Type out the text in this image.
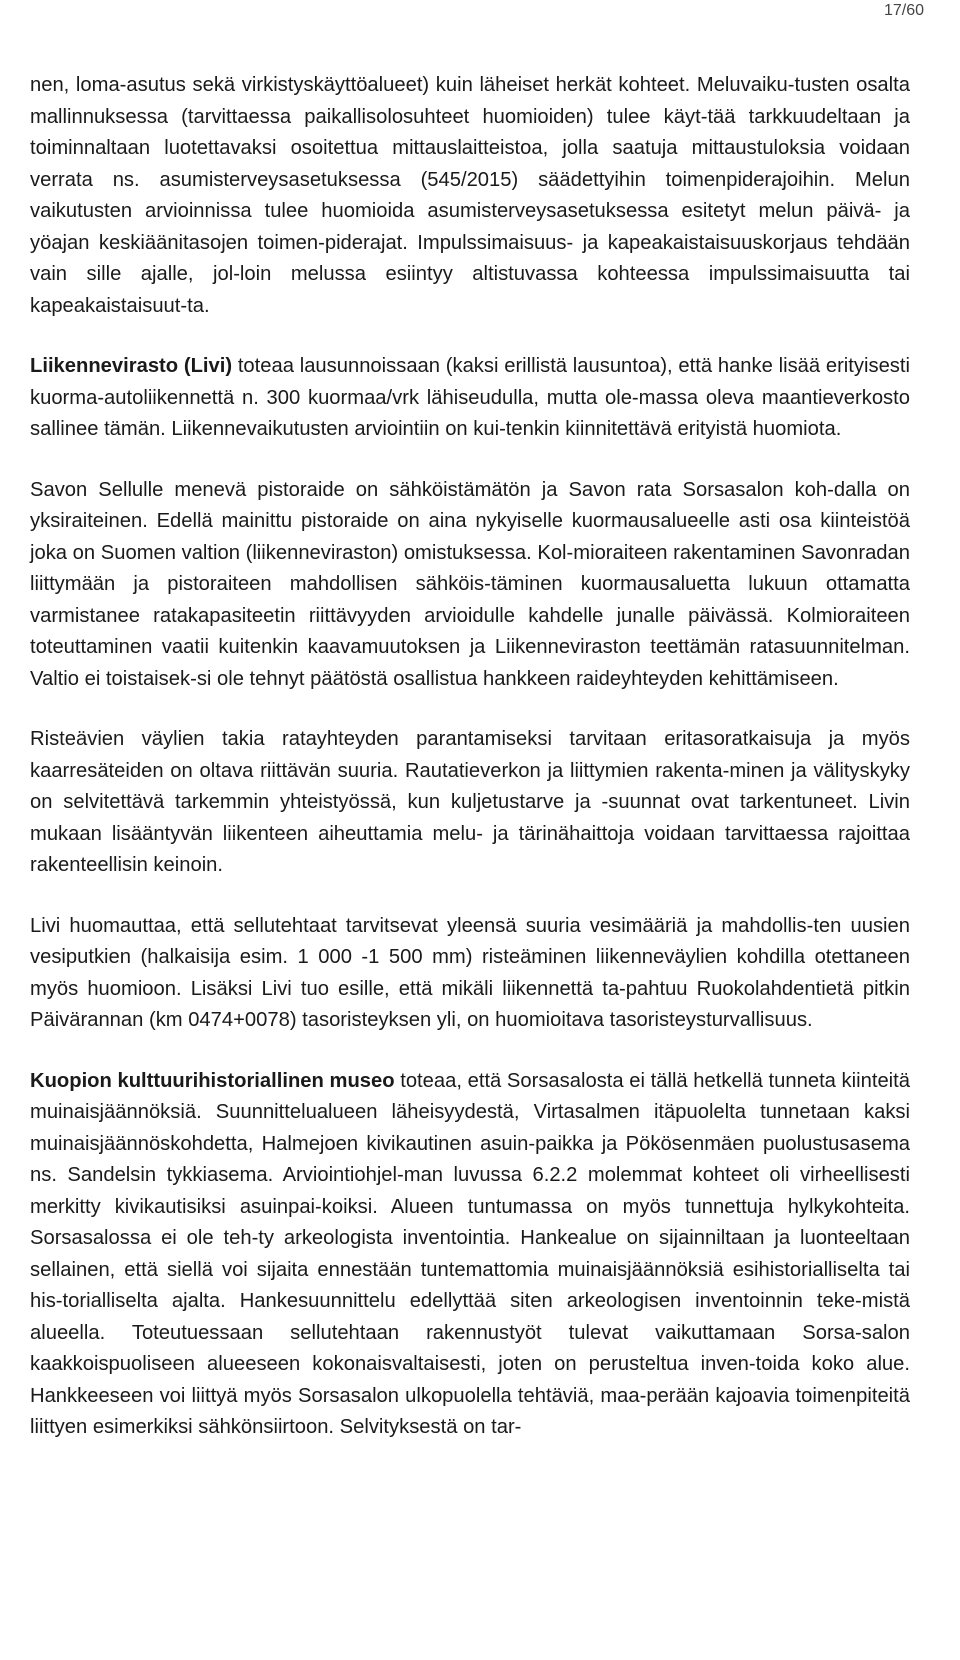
17/60

nen, loma-asutus sekä virkistyskäyttöalueet) kuin läheiset herkät kohteet. Meluvaiku-tusten osalta mallinnuksessa (tarvittaessa paikallisolosuhteet huomioiden) tulee käyt-tää tarkkuudeltaan ja toiminnaltaan luotettavaksi osoitettua mittauslaitteistoa, jolla saatuja mittaustuloksia voidaan verrata ns. asumisterveysasetuksessa (545/2015) säädettyihin toimenpiderajoihin. Melun vaikutusten arvioinnissa tulee huomioida asumisterveysasetuksessa esitetyt melun päivä- ja yöajan keskiäänitasojen toimen-piderajat. Impulssimaisuus- ja kapeakaistaisuuskorjaus tehdään vain sille ajalle, jol-loin melussa esiintyy altistuvassa kohteessa impulssimaisuutta tai kapeakaistaisuut-ta.

Liikennevirasto (Livi) toteaa lausunnoissaan (kaksi erillistä lausuntoa), että hanke lisää erityisesti kuorma-autoliikennettä n. 300 kuormaa/vrk lähiseudulla, mutta ole-massa oleva maantieverkosto sallinee tämän. Liikennevaikutusten arviointiin on kui-tenkin kiinnitettävä erityistä huomiota.

Savon Sellulle menevä pistoraide on sähköistämätön ja Savon rata Sorsasalon koh-dalla on yksiraiteinen. Edellä mainittu pistoraide on aina nykyiselle kuormausalueelle asti osa kiinteistöä joka on Suomen valtion (liikenneviraston) omistuksessa. Kol-mioraiteen rakentaminen Savonradan liittymään ja pistoraiteen mahdollisen sähköis-täminen kuormausaluetta lukuun ottamatta varmistanee ratakapasiteetin riittävyyden arvioidulle kahdelle junalle päivässä. Kolmioraiteen toteuttaminen vaatii kuitenkin kaavamuutoksen ja Liikenneviraston teettämän ratasuunnitelman. Valtio ei toistaisek-si ole tehnyt päätöstä osallistua hankkeen raideyhteyden kehittämiseen.

Risteävien väylien takia ratayhteyden parantamiseksi tarvitaan eritasoratkaisuja ja myös kaarresäteiden on oltava riittävän suuria. Rautatieverkon ja liittymien rakenta-minen ja välityskyky on selvitettävä tarkemmin yhteistyössä, kun kuljetustarve ja -suunnat ovat tarkentuneet. Livin mukaan lisääntyvän liikenteen aiheuttamia melu- ja tärinähaittoja voidaan tarvittaessa rajoittaa rakenteellisin keinoin.

Livi huomauttaa, että sellutehtaat tarvitsevat yleensä suuria vesimääriä ja mahdollis-ten uusien vesiputkien (halkaisija esim. 1 000 -1 500 mm) risteäminen liikenneväylien kohdilla otettaneen myös huomioon. Lisäksi Livi tuo esille, että mikäli liikennettä ta-pahtuu Ruokolahdentietä pitkin Päivärannan (km 0474+0078) tasoristeyksen yli, on huomioitava tasoristeysturvallisuus.

Kuopion kulttuurihistoriallinen museo toteaa, että Sorsasalosta ei tällä hetkellä tunneta kiinteitä muinaisjäännöksiä. Suunnittelualueen läheisyydestä, Virtasalmen itäpuolelta tunnetaan kaksi muinaisjäännöskohdetta, Halmejoen kivikautinen asuin-paikka ja Pökösenmäen puolustusasema ns. Sandelsin tykkiasema. Arviointiohjel-man luvussa 6.2.2 molemmat kohteet oli virheellisesti merkitty kivikautisiksi asuinpai-koiksi. Alueen tuntumassa on myös tunnettuja hylkykohteita. Sorsasalossa ei ole teh-ty arkeologista inventointia. Hankealue on sijainniltaan ja luonteeltaan sellainen, että siellä voi sijaita ennestään tuntemattomia muinaisjäännöksiä esihistorialliselta tai his-torialliselta ajalta. Hankesuunnittelu edellyttää siten arkeologisen inventoinnin teke-mistä alueella. Toteutuessaan sellutehtaan rakennustyöt tulevat vaikuttamaan Sorsa-salon kaakkoispuoliseen alueeseen kokonaisvaltaisesti, joten on perusteltua inven-toida koko alue. Hankkeeseen voi liittyä myös Sorsasalon ulkopuolella tehtäviä, maa-perään kajoavia toimenpiteitä liittyen esimerkiksi sähkönsiirtoon. Selvityksestä on tar-
